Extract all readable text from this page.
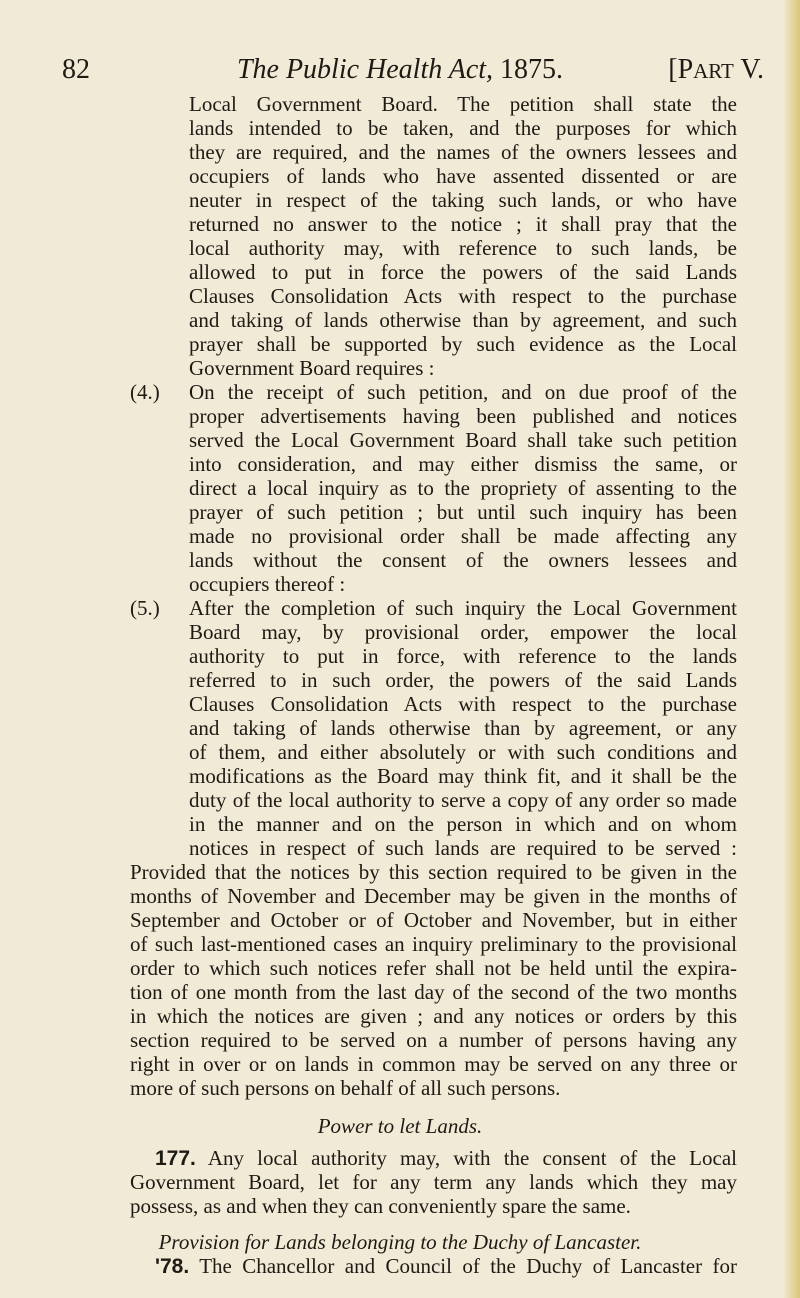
82	The Public Health Act, 1875.	[PART V.
Local Government Board. The petition shall state the
lands intended to be taken, and the purposes for which
they are required, and the names of the owners lessees and
occupiers of lands who have assented dissented or are
neuter in respect of the taking such lands, or who have
returned no answer to the notice ; it shall pray that the
local authority may, with reference to such lands, be
allowed to put in force the powers of the said Lands
Clauses Consolidation Acts with respect to the purchase
and taking of lands otherwise than by agreement, and such
prayer shall be supported by such evidence as the Local
Government Board requires :
(4.) On the receipt of such petition, and on due proof of the
proper advertisements having been published and notices
served the Local Government Board shall take such petition
into consideration, and may either dismiss the same, or
direct a local inquiry as to the propriety of assenting to the
prayer of such petition ; but until such inquiry has been
made no provisional order shall be made affecting any
lands without the consent of the owners lessees and
occupiers thereof :
(5.) After the completion of such inquiry the Local Government
Board may, by provisional order, empower the local
authority to put in force, with reference to the lands
referred to in such order, the powers of the said Lands
Clauses Consolidation Acts with respect to the purchase
and taking of lands otherwise than by agreement, or any
of them, and either absolutely or with such conditions and
modifications as the Board may think fit, and it shall be the
duty of the local authority to serve a copy of any order so made
in the manner and on the person in which and on whom
notices in respect of such lands are required to be served :
Provided that the notices by this section required to be given in the
months of November and December may be given in the months of
September and October or of October and November, but in either
of such last-mentioned cases an inquiry preliminary to the provisional
order to which such notices refer shall not be held until the expira-
tion of one month from the last day of the second of the two months
in which the notices are given ; and any notices or orders by this
section required to be served on a number of persons having any
right in over or on lands in common may be served on any three or
more of such persons on behalf of all such persons.
Power to let Lands.
177. Any local authority may, with the consent of the Local
Government Board, let for any term any lands which they may
possess, as and when they can conveniently spare the same.
Provision for Lands belonging to the Duchy of Lancaster.
'78. The Chancellor and Council of the Duchy of Lancaster for
